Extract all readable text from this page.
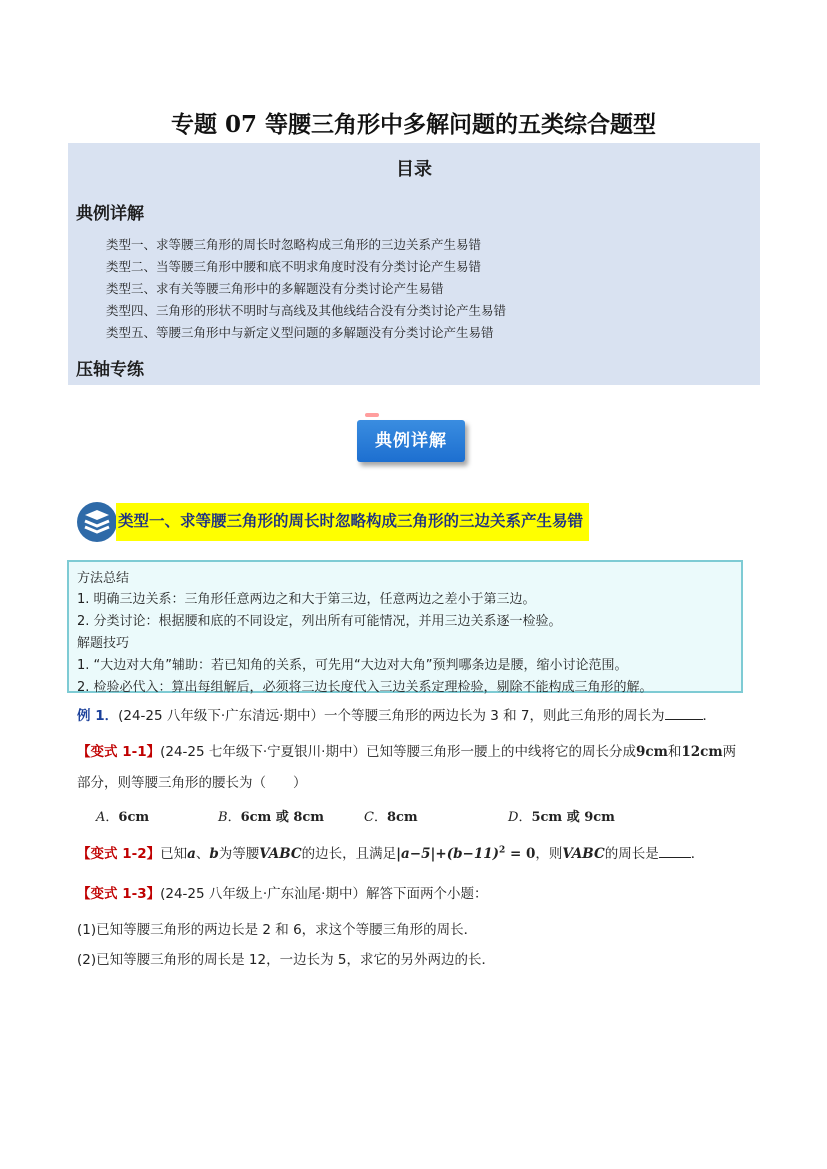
专题 07 等腰三角形中多解问题的五类综合题型
目录
典例详解
类型一、求等腰三角形的周长时忽略构成三角形的三边关系产生易错
类型二、当等腰三角形中腰和底不明求角度时没有分类讨论产生易错
类型三、求有关等腰三角形中的多解题没有分类讨论产生易错
类型四、三角形的形状不明时与高线及其他线结合没有分类讨论产生易错
类型五、等腰三角形中与新定义型问题的多解题没有分类讨论产生易错
压轴专练
典例详解
类型一、求等腰三角形的周长时忽略构成三角形的三边关系产生易错
方法总结
1. 明确三边关系：三角形任意两边之和大于第三边，任意两边之差小于第三边。
2. 分类讨论：根据腰和底的不同设定，列出所有可能情况，并用三边关系逐一检验。
解题技巧
1. “大边对大角”辅助：若已知角的关系，可先用“大边对大角”预判哪条边是腰，缩小讨论范围。
2. 检验必代入：算出每组解后，必须将三边长度代入三边关系定理检验，剔除不能构成三角形的解。
例 1．(24-25 八年级下·广东清远·期中）一个等腰三角形的两边长为 3 和 7，则此三角形的周长为	．
【变式 1-1】(24-25 七年级下·宁夏银川·期中）已知等腰三角形一腰上的中线将它的周长分成9cm和12cm两
部分，则等腰三角形的腰长为（　　）
A．6cm	B．6cm 或 8cm	C．8cm	D．5cm 或 9cm
【变式 1-2】已知a、b为等腰VABC的边长，且满足$|a-5|+(b-11)^2 = 0$，则VABC的周长是 ．
【变式 1-3】(24-25 八年级上·广东汕尾·期中）解答下面两个小题：
(1)已知等腰三角形的两边长是 2 和 6，求这个等腰三角形的周长．
(2)已知等腰三角形的周长是 12，一边长为 5，求它的另外两边的长．
